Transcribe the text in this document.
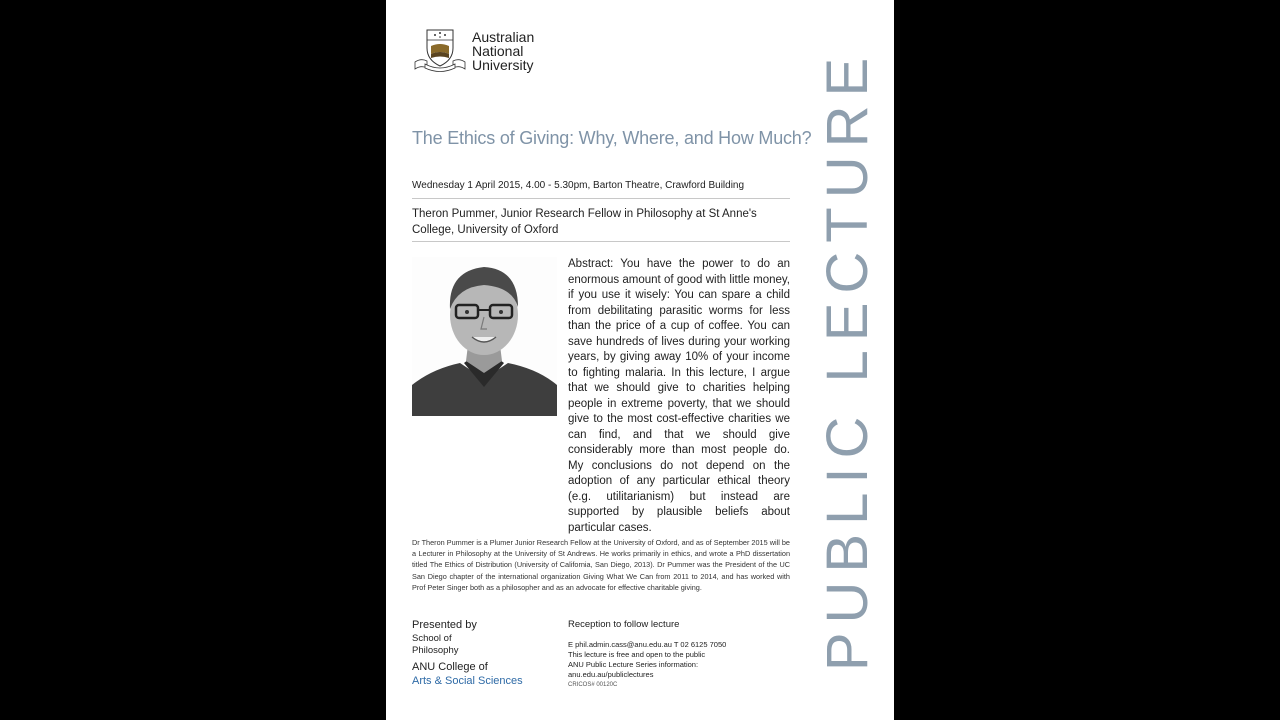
Australian
National
University
The Ethics of Giving: Why, Where, and How Much?
Wednesday 1 April 2015, 4.00 - 5.30pm, Barton Theatre, Crawford Building
Theron Pummer, Junior Research Fellow in Philosophy at St Anne's College, University of Oxford
Abstract: You have the power to do an enormous amount of good with little money, if you use it wisely: You can spare a child from debilitating parasitic worms for less than the price of a cup of coffee. You can save hundreds of lives during your working years, by giving away 10% of your income to fighting malaria. In this lecture, I argue that we should give to charities helping people in extreme poverty, that we should give to the most cost-effective charities we can find, and that we should give considerably more than most people do. My conclusions do not depend on the adoption of any particular ethical theory (e.g. utilitarianism) but instead are supported by plausible beliefs about particular cases.
Dr Theron Pummer is a Plumer Junior Research Fellow at the University of Oxford, and as of September 2015 will be a Lecturer in Philosophy at the University of St Andrews. He works primarily in ethics, and wrote a PhD dissertation titled The Ethics of Distribution (University of California, San Diego, 2013). Dr Pummer was the President of the UC San Diego chapter of the international organization Giving What We Can from 2011 to 2014, and has worked with Prof Peter Singer both as a philosopher and as an advocate for effective charitable giving.
Presented by
School of
Philosophy
ANU College of
Arts & Social Sciences
Reception to follow lecture
E phil.admin.cass@anu.edu.au T 02 6125 7050
This lecture is free and open to the public
ANU Public Lecture Series information:
anu.edu.au/publiclectures
CRICOS# 00120C
PUBLIC LECTURE
